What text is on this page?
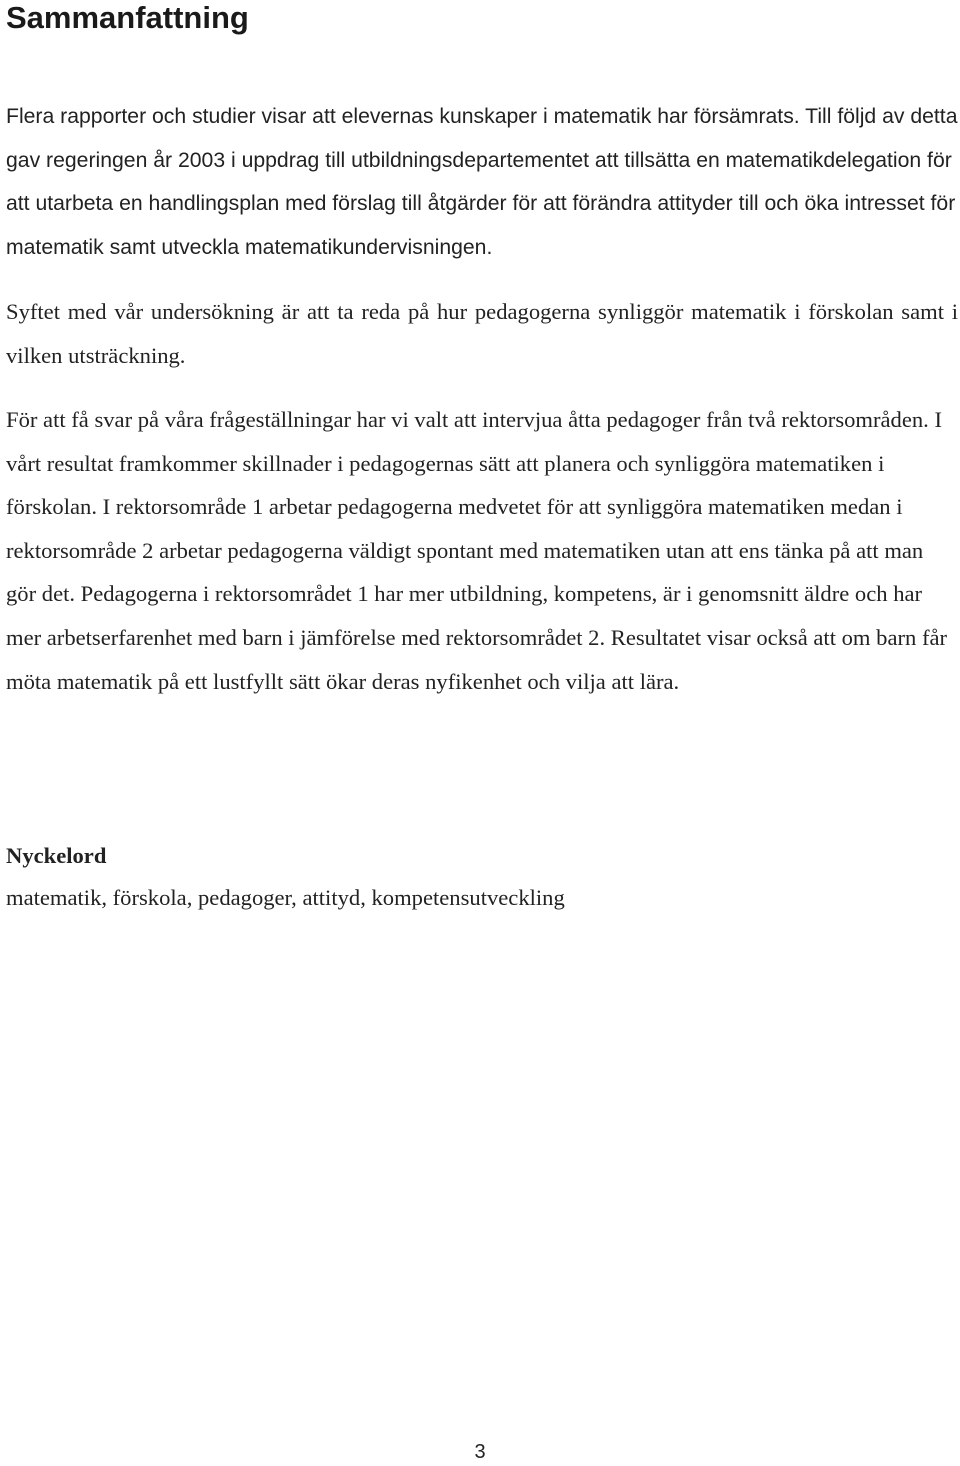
Sammanfattning

Flera rapporter och studier visar att elevernas kunskaper i matematik har försämrats. Till följd av detta gav regeringen år 2003 i uppdrag till utbildningsdepartementet att tillsätta en matematikdelegation för att utarbeta en handlingsplan med förslag till åtgärder för att förändra attityder till och öka intresset för matematik samt utveckla matematikundervisningen.

Syftet med vår undersökning är att ta reda på hur pedagogerna synliggör matematik i förskolan samt i vilken utsträckning.

För att få svar på våra frågeställningar har vi valt att intervjua åtta pedagoger från två rektorsområden. I vårt resultat framkommer skillnader i pedagogernas sätt att planera och synliggöra matematiken i förskolan. I rektorsområde 1 arbetar pedagogerna medvetet för att synliggöra matematiken medan i rektorsområde 2 arbetar pedagogerna väldigt spontant med matematiken utan att ens tänka på att man gör det. Pedagogerna i rektorsområdet 1 har mer utbildning, kompetens, är i genomsnitt äldre och har mer arbetserfarenhet med barn i jämförelse med rektorsområdet 2. Resultatet visar också att om barn får möta matematik på ett lustfyllt sätt ökar deras nyfikenhet och vilja att lära.

Nyckelord

matematik, förskola, pedagoger, attityd, kompetensutveckling

3
